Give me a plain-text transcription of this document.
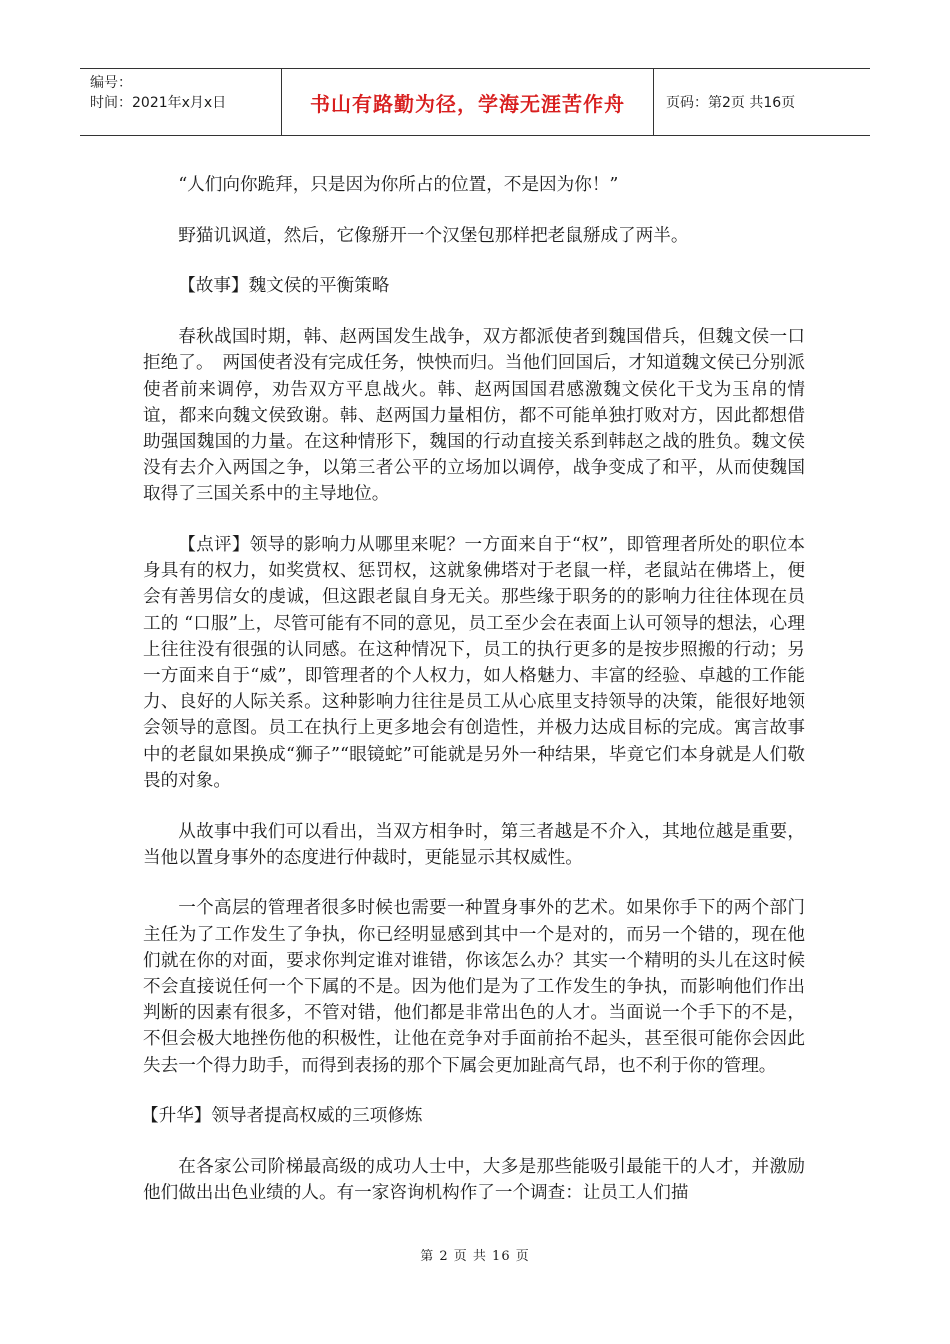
编号：
时间：2021年x月x日	书山有路勤为径，学海无涯苦作舟	页码：第2页 共16页

“人们向你跪拜，只是因为你所占的位置，不是因为你！”

野猫讥讽道，然后，它像掰开一个汉堡包那样把老鼠掰成了两半。

【故事】魏文侯的平衡策略

春秋战国时期，韩、赵两国发生战争，双方都派使者到魏国借兵，但魏文侯一口拒绝了。　两国使者没有完成任务，怏怏而归。当他们回国后，才知道魏文侯已分别派使者前来调停，劝告双方平息战火。韩、赵两国国君感激魏文侯化干戈为玉帛的情谊，都来向魏文侯致谢。韩、赵两国力量相仿，都不可能单独打败对方，因此都想借助强国魏国的力量。在这种情形下，魏国的行动直接关系到韩赵之战的胜负。魏文侯没有去介入两国之争，以第三者公平的立场加以调停，战争变成了和平，从而使魏国取得了三国关系中的主导地位。

【点评】领导的影响力从哪里来呢？一方面来自于“权”，即管理者所处的职位本身具有的权力，如奖赏权、惩罚权，这就象佛塔对于老鼠一样，老鼠站在佛塔上，便会有善男信女的虔诚，但这跟老鼠自身无关。那些缘于职务的的影响力往往体现在员工的 “口服”上，尽管可能有不同的意见，员工至少会在表面上认可领导的想法，心理上往往没有很强的认同感。在这种情况下，员工的执行更多的是按步照搬的行动；另一方面来自于“威”，即管理者的个人权力，如人格魅力、丰富的经验、卓越的工作能力、良好的人际关系。这种影响力往往是员工从心底里支持领导的决策，能很好地领会领导的意图。员工在执行上更多地会有创造性，并极力达成目标的完成。寓言故事中的老鼠如果换成“狮子”“眼镜蛇”可能就是另外一种结果，毕竟它们本身就是人们敬畏的对象。

从故事中我们可以看出，当双方相争时，第三者越是不介入，其地位越是重要，当他以置身事外的态度进行仲裁时，更能显示其权威性。

一个高层的管理者很多时候也需要一种置身事外的艺术。如果你手下的两个部门主任为了工作发生了争执，你已经明显感到其中一个是对的，而另一个错的，现在他们就在你的对面，要求你判定谁对谁错，你该怎么办？其实一个精明的头儿在这时候不会直接说任何一个下属的不是。因为他们是为了工作发生的争执，而影响他们作出判断的因素有很多，不管对错，他们都是非常出色的人才。当面说一个手下的不是，不但会极大地挫伤他的积极性，让他在竞争对手面前抬不起头，甚至很可能你会因此失去一个得力助手，而得到表扬的那个下属会更加趾高气昂，也不利于你的管理。

【升华】领导者提高权威的三项修炼

在各家公司阶梯最高级的成功人士中，大多是那些能吸引最能干的人才，并激励他们做出出色业绩的人。有一家咨询机构作了一个调查：让员工人们描

第 2 页 共 16 页
